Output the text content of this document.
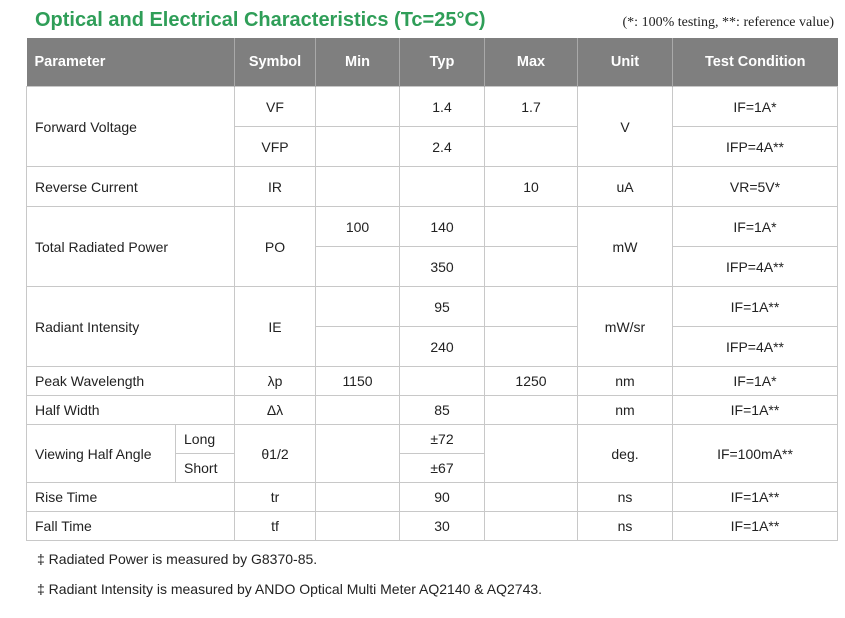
Optical and Electrical Characteristics (Tc=25°C)	(*: 100% testing, **: reference value)
Parameter		Symbol	Min	Typ	Max	Unit	Test Condition
Forward Voltage		VF		1.4	1.7	V	IF=1A*
		VFP		2.4			IFP=4A**
Reverse Current		IR			10	uA	VR=5V*
Total Radiated Power		PO	100	140		mW	IF=1A*
				350			IFP=4A**
Radiant Intensity		IE		95		mW/sr	IF=1A**
				240			IFP=4A**
Peak Wavelength		λp	1150		1250	nm	IF=1A*
Half Width		Δλ		85		nm	IF=1A**
Viewing Half Angle	Long	θ1/2		±72		deg.	IF=100mA**
	Short			±67			
Rise Time		tr		90		ns	IF=1A**
Fall Time		tf		30		ns	IF=1A**
‡ Radiated Power is measured by G8370-85.
‡ Radiant Intensity is measured by ANDO Optical Multi Meter AQ2140 & AQ2743.
